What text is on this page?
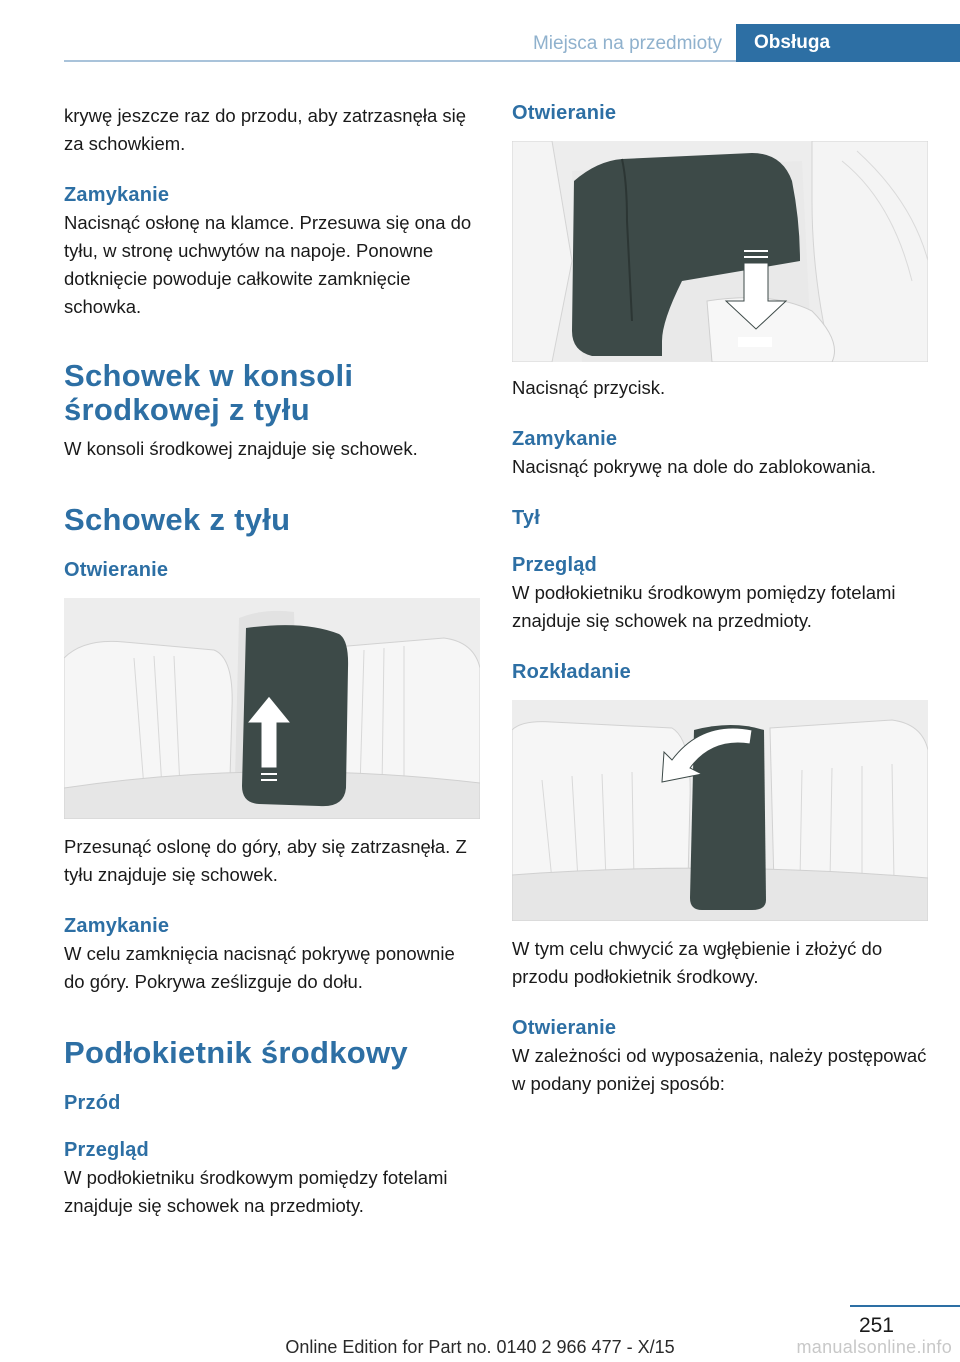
Miejsca na przedmioty	Obsługa

krywę jeszcze raz do przodu, aby zatrzasnęła się za schowkiem.

Zamykanie

Nacisnąć osłonę na klamce. Przesuwa się ona do tyłu, w stronę uchwytów na napoje. Ponowne dotknięcie powoduje całkowite zamknięcie schowka.

Schowek w konsoli środkowej z tyłu

W konsoli środkowej znajduje się schowek.

Schowek z tyłu
Otwieranie

Przesunąć oslonę do góry, aby się zatrzasnęła. Z tyłu znajduje się schowek.

Zamykanie

W celu zamknięcia nacisnąć pokrywę ponownie do góry. Pokrywa ześlizguje do dołu.

Podłokietnik środkowy
Przód
Przegląd

W podłokietniku środkowym pomiędzy fotelami znajduje się schowek na przedmioty.

Otwieranie

Nacisnąć przycisk.

Zamykanie

Nacisnąć pokrywę na dole do zablokowania.

Tył
Przegląd

W podłokietniku środkowym pomiędzy fotelami znajduje się schowek na przedmioty.

Rozkładanie

W tym celu chwycić za wgłębienie i złożyć do przodu podłokietnik środkowy.

Otwieranie

W zależności od wyposażenia, należy postępować w podany poniżej sposób:

251
Online Edition for Part no. 0140 2 966 477 - X/15	manualsonline.info
